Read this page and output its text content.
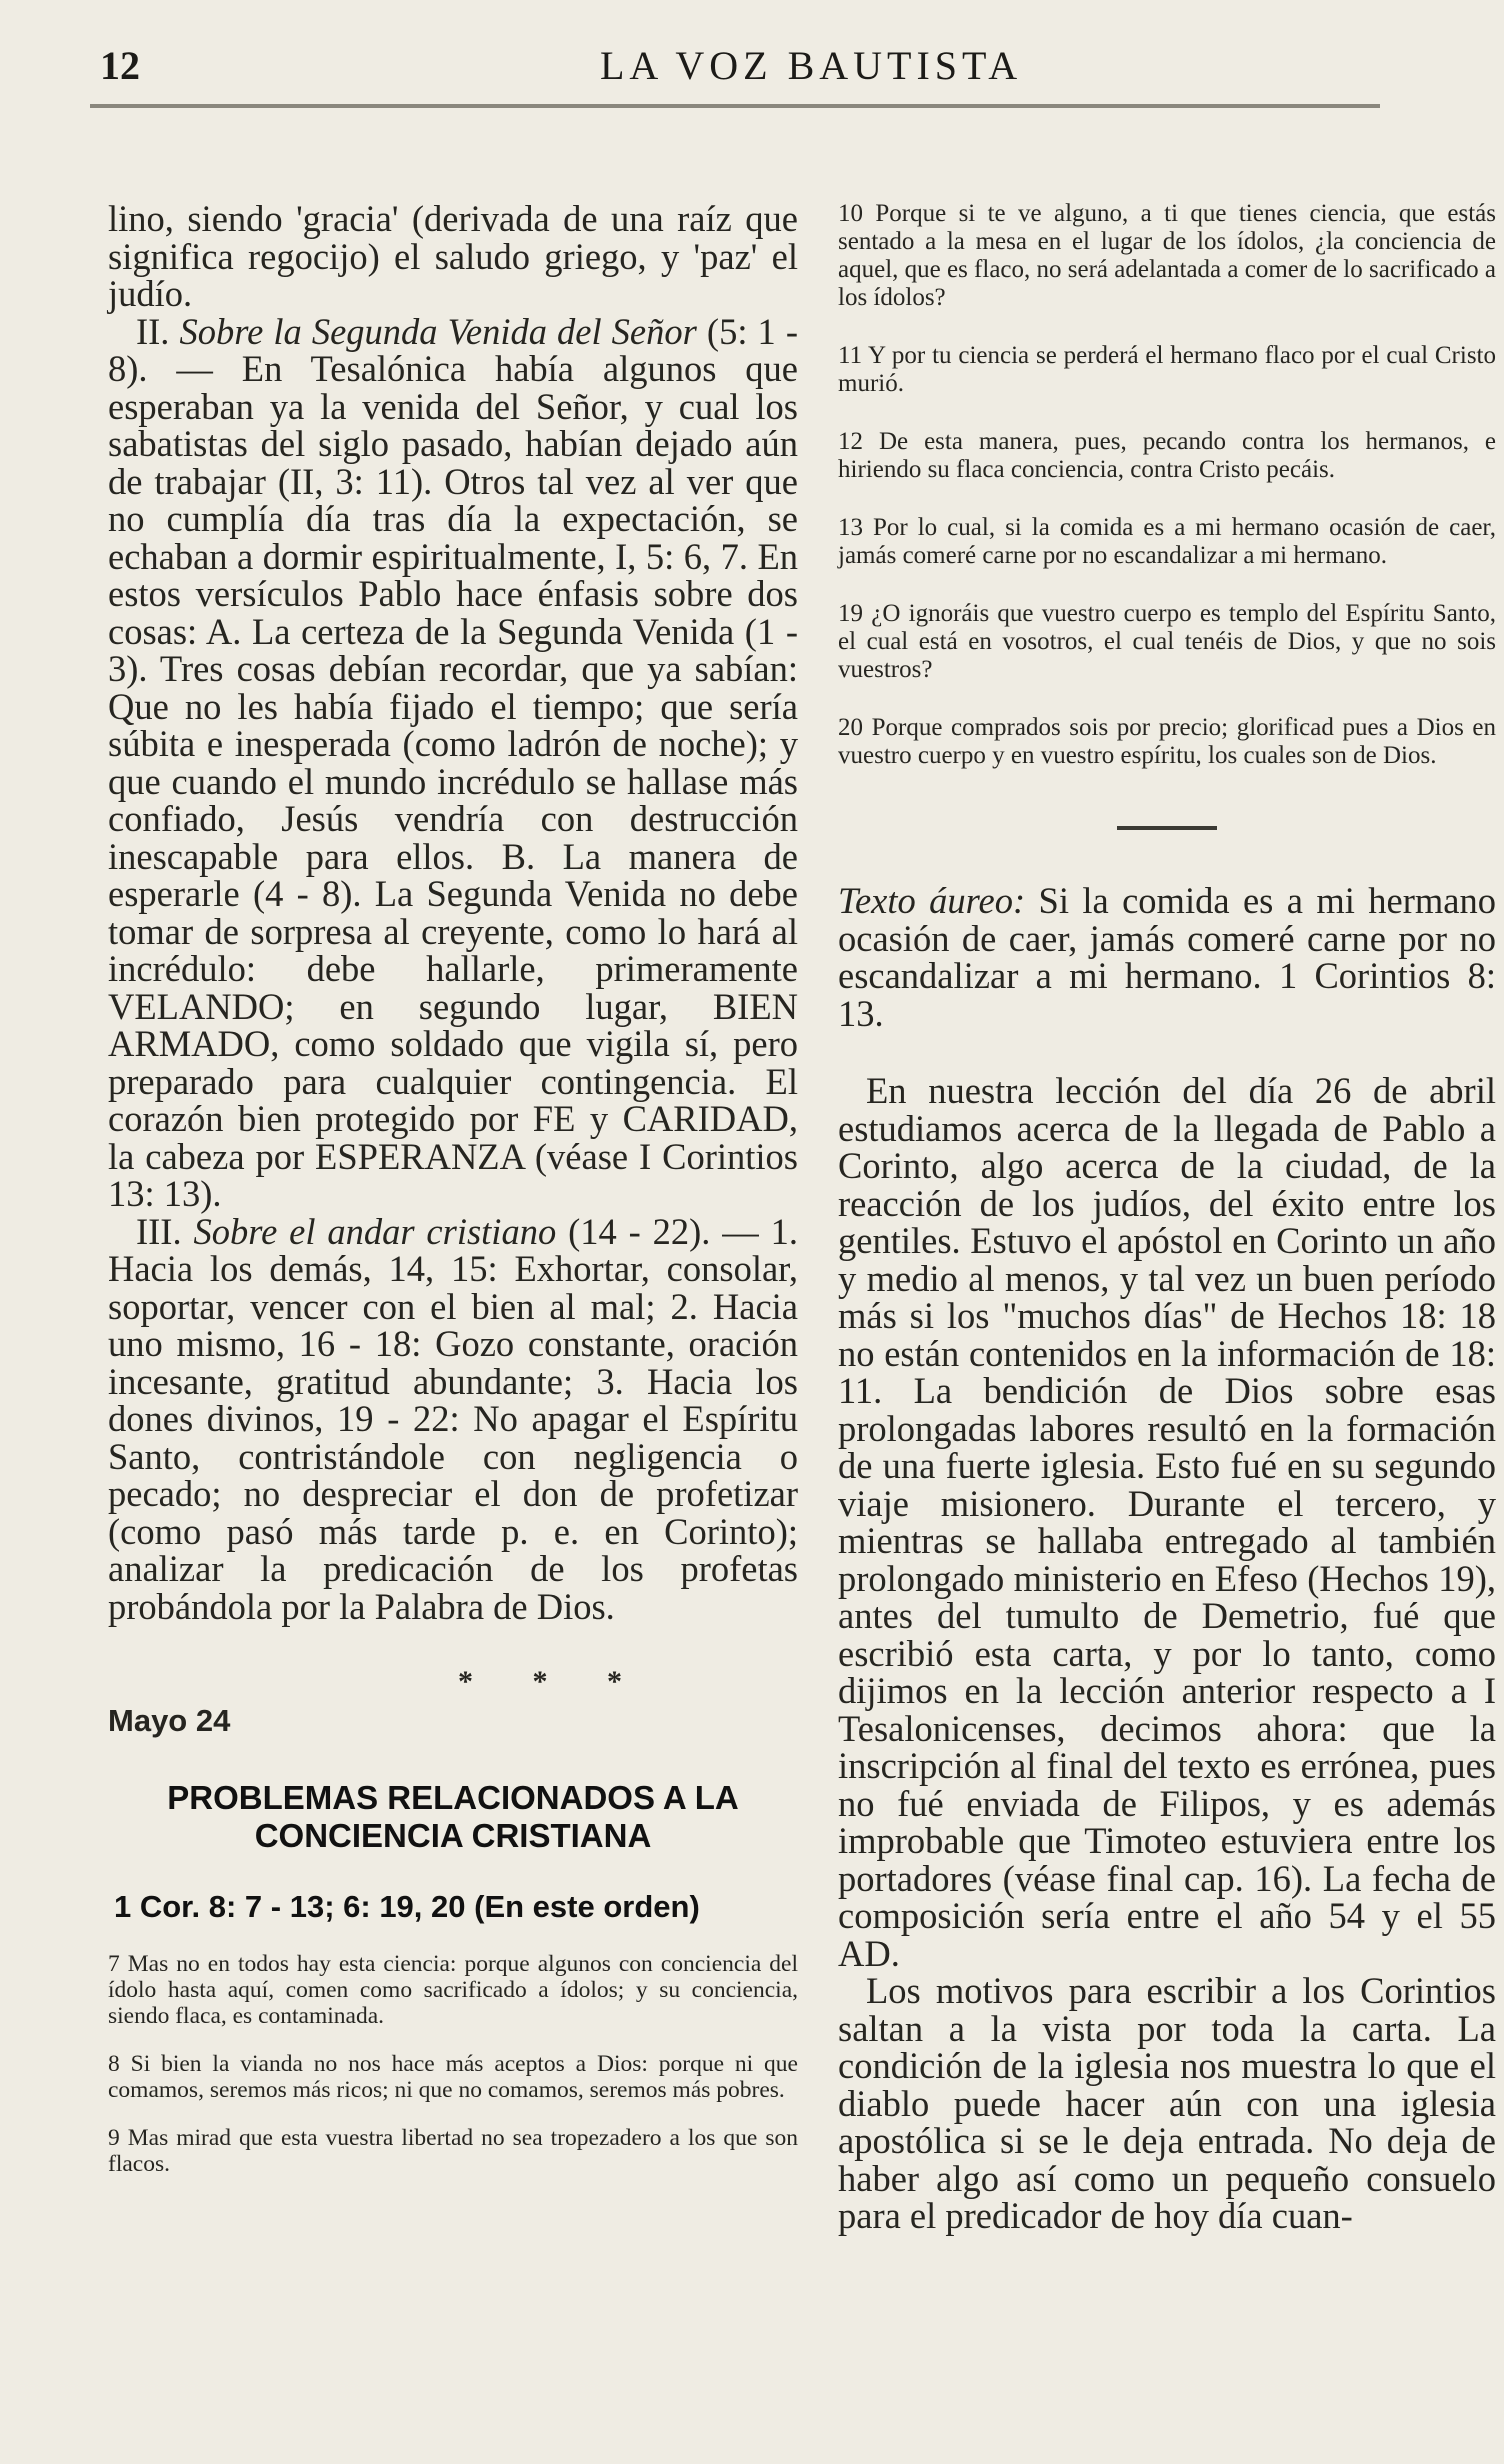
12	LA VOZ BAUTISTA

lino, siendo 'gracia' (derivada de una raíz que significa regocijo) el saludo griego, y 'paz' el judío.

II. Sobre la Segunda Venida del Señor (5: 1 - 8). — En Tesalónica había algunos que esperaban ya la venida del Señor, y cual los sabatistas del siglo pasado, habían dejado aún de trabajar (II, 3: 11). Otros tal vez al ver que no cumplía día tras día la expectación, se echaban a dormir espiritualmente, I, 5: 6, 7. En estos versículos Pablo hace énfasis sobre dos cosas: A. La certeza de la Segunda Venida (1 - 3). Tres cosas debían recordar, que ya sabían: Que no les había fijado el tiempo; que sería súbita e inesperada (como ladrón de noche); y que cuando el mundo incrédulo se hallase más confiado, Jesús vendría con destrucción inescapable para ellos. B. La manera de esperarle (4 - 8). La Segunda Venida no debe tomar de sorpresa al creyente, como lo hará al incrédulo: debe hallarle, primeramente VELANDO; en segundo lugar, BIEN ARMADO, como soldado que vigila sí, pero preparado para cualquier contingencia. El corazón bien protegido por FE y CARIDAD, la cabeza por ESPERANZA (véase I Corintios 13: 13).

III. Sobre el andar cristiano (14 - 22). — 1. Hacia los demás, 14, 15: Exhortar, consolar, soportar, vencer con el bien al mal; 2. Hacia uno mismo, 16 - 18: Gozo constante, oración incesante, gratitud abundante; 3. Hacia los dones divinos, 19 - 22: No apagar el Espíritu Santo, contristándole con negligencia o pecado; no despreciar el don de profetizar (como pasó más tarde p. e. en Corinto); analizar la predicación de los profetas probándola por la Palabra de Dios.

* * *
Mayo 24
PROBLEMAS RELACIONADOS A LA CONCIENCIA CRISTIANA
1 Cor. 8: 7 - 13; 6: 19, 20 (En este orden)

7 Mas no en todos hay esta ciencia: porque algunos con conciencia del ídolo hasta aquí, comen como sacrificado a ídolos; y su conciencia, siendo flaca, es contaminada.

8 Si bien la vianda no nos hace más aceptos a Dios: porque ni que comamos, seremos más ricos; ni que no comamos, seremos más pobres.

9 Mas mirad que esta vuestra libertad no sea tropezadero a los que son flacos.

10 Porque si te ve alguno, a ti que tienes ciencia, que estás sentado a la mesa en el lugar de los ídolos, ¿la conciencia de aquel, que es flaco, no será adelantada a comer de lo sacrificado a los ídolos?

11 Y por tu ciencia se perderá el hermano flaco por el cual Cristo murió.

12 De esta manera, pues, pecando contra los hermanos, e hiriendo su flaca conciencia, contra Cristo pecáis.

13 Por lo cual, si la comida es a mi hermano ocasión de caer, jamás comeré carne por no escandalizar a mi hermano.

19 ¿O ignoráis que vuestro cuerpo es templo del Espíritu Santo, el cual está en vosotros, el cual tenéis de Dios, y que no sois vuestros?

20 Porque comprados sois por precio; glorificad pues a Dios en vuestro cuerpo y en vuestro espíritu, los cuales son de Dios.

Texto áureo: Si la comida es a mi hermano ocasión de caer, jamás comeré carne por no escandalizar a mi hermano. 1 Corintios 8: 13.

En nuestra lección del día 26 de abril estudiamos acerca de la llegada de Pablo a Corinto, algo acerca de la ciudad, de la reacción de los judíos, del éxito entre los gentiles. Estuvo el apóstol en Corinto un año y medio al menos, y tal vez un buen período más si los "muchos días" de Hechos 18: 18 no están contenidos en la información de 18: 11. La bendición de Dios sobre esas prolongadas labores resultó en la formación de una fuerte iglesia. Esto fué en su segundo viaje misionero. Durante el tercero, y mientras se hallaba entregado al también prolongado ministerio en Efeso (Hechos 19), antes del tumulto de Demetrio, fué que escribió esta carta, y por lo tanto, como dijimos en la lección anterior respecto a I Tesalonicenses, decimos ahora: que la inscripción al final del texto es errónea, pues no fué enviada de Filipos, y es además improbable que Timoteo estuviera entre los portadores (véase final cap. 16). La fecha de composición sería entre el año 54 y el 55 AD.

Los motivos para escribir a los Corintios saltan a la vista por toda la carta. La condición de la iglesia nos muestra lo que el diablo puede hacer aún con una iglesia apostólica si se le deja entrada. No deja de haber algo así como un pequeño consuelo para el predicador de hoy día cuan-
